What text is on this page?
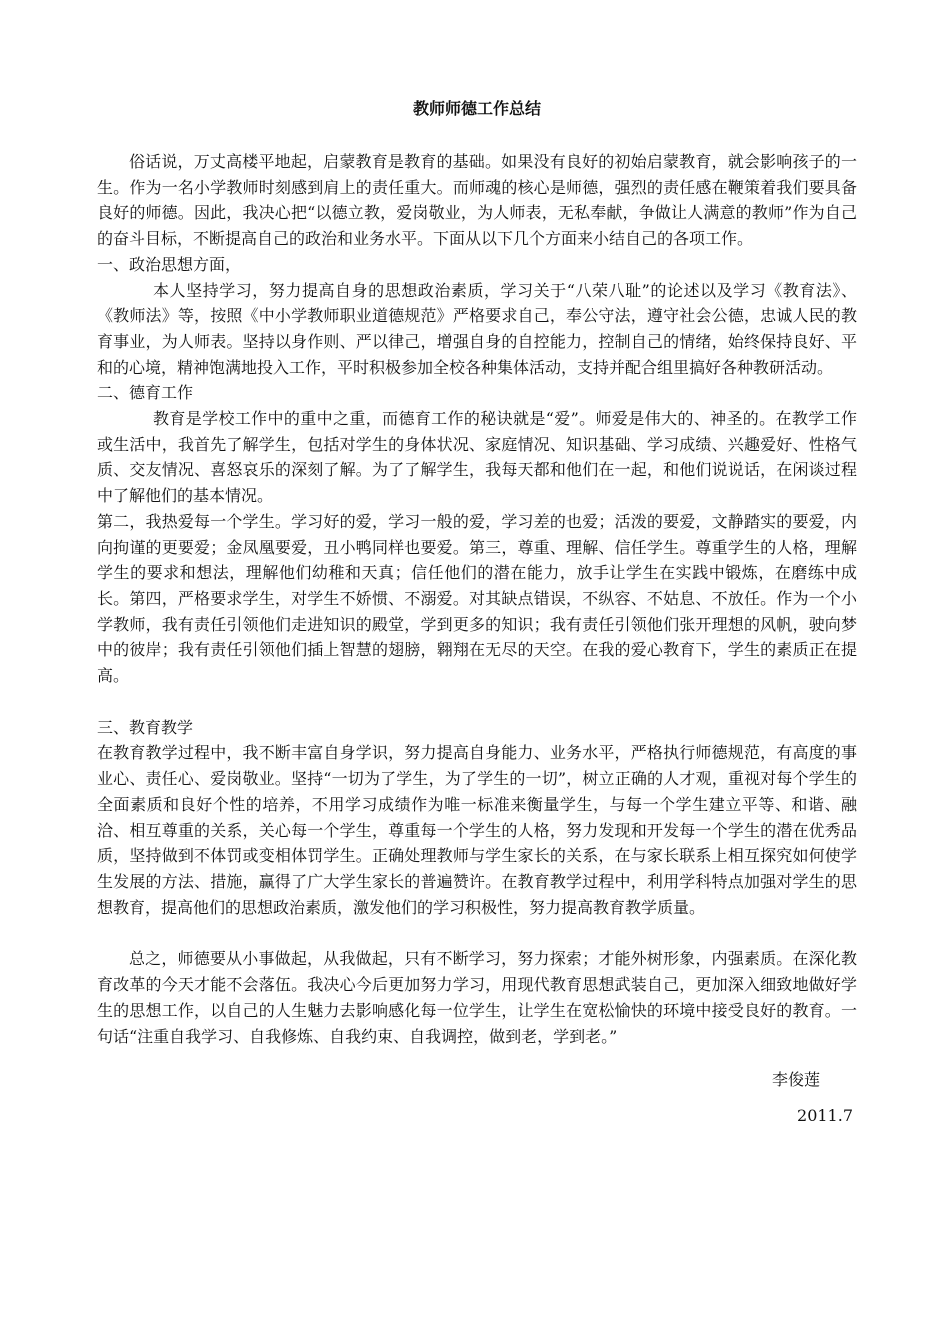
教师师德工作总结

俗话说，万丈高楼平地起，启蒙教育是教育的基础。如果没有良好的初始启蒙教育，就会影响孩子的一生。作为一名小学教师时刻感到肩上的责任重大。而师魂的核心是师德，强烈的责任感在鞭策着我们要具备良好的师德。因此，我决心把“以德立教，爱岗敬业，为人师表，无私奉献，争做让人满意的教师”作为自己的奋斗目标，不断提高自己的政治和业务水平。下面从以下几个方面来小结自己的各项工作。

一、政治思想方面，

本人坚持学习，努力提高自身的思想政治素质，学习关于“八荣八耻”的论述以及学习《教育法》、《教师法》等，按照《中小学教师职业道德规范》严格要求自己，奉公守法，遵守社会公德，忠诚人民的教育事业，为人师表。坚持以身作则、严以律己，增强自身的自控能力，控制自己的情绪，始终保持良好、平和的心境，精神饱满地投入工作，平时积极参加全校各种集体活动，支持并配合组里搞好各种教研活动。

二、德育工作

教育是学校工作中的重中之重，而德育工作的秘诀就是“爱”。师爱是伟大的、神圣的。在教学工作或生活中，我首先了解学生，包括对学生的身体状况、家庭情况、知识基础、学习成绩、兴趣爱好、性格气质、交友情况、喜怒哀乐的深刻了解。为了了解学生，我每天都和他们在一起，和他们说说话，在闲谈过程中了解他们的基本情况。

第二，我热爱每一个学生。学习好的爱，学习一般的爱，学习差的也爱；活泼的要爱，文静踏实的要爱，内向拘谨的更要爱；金凤凰要爱，丑小鸭同样也要爱。第三，尊重、理解、信任学生。尊重学生的人格，理解学生的要求和想法，理解他们幼稚和天真；信任他们的潜在能力，放手让学生在实践中锻炼，在磨练中成长。第四，严格要求学生，对学生不娇惯、不溺爱。对其缺点错误，不纵容、不姑息、不放任。作为一个小学教师，我有责任引领他们走进知识的殿堂，学到更多的知识；我有责任引领他们张开理想的风帆，驶向梦中的彼岸；我有责任引领他们插上智慧的翅膀，翱翔在无尽的天空。在我的爱心教育下，学生的素质正在提高。

三、教育教学

在教育教学过程中，我不断丰富自身学识，努力提高自身能力、业务水平，严格执行师德规范，有高度的事业心、责任心、爱岗敬业。坚持“一切为了学生，为了学生的一切”，树立正确的人才观，重视对每个学生的全面素质和良好个性的培养，不用学习成绩作为唯一标准来衡量学生，与每一个学生建立平等、和谐、融洽、相互尊重的关系，关心每一个学生，尊重每一个学生的人格，努力发现和开发每一个学生的潜在优秀品质，坚持做到不体罚或变相体罚学生。正确处理教师与学生家长的关系，在与家长联系上相互探究如何使学生发展的方法、措施，赢得了广大学生家长的普遍赞许。在教育教学过程中，利用学科特点加强对学生的思想教育，提高他们的思想政治素质，激发他们的学习积极性，努力提高教育教学质量。

总之，师德要从小事做起，从我做起，只有不断学习，努力探索；才能外树形象，内强素质。在深化教育改革的今天才能不会落伍。我决心今后更加努力学习，用现代教育思想武装自己，更加深入细致地做好学生的思想工作，以自己的人生魅力去影响感化每一位学生，让学生在宽松愉快的环境中接受良好的教育。一句话“注重自我学习、自我修炼、自我约束、自我调控，做到老，学到老。”

李俊莲

2011.7
